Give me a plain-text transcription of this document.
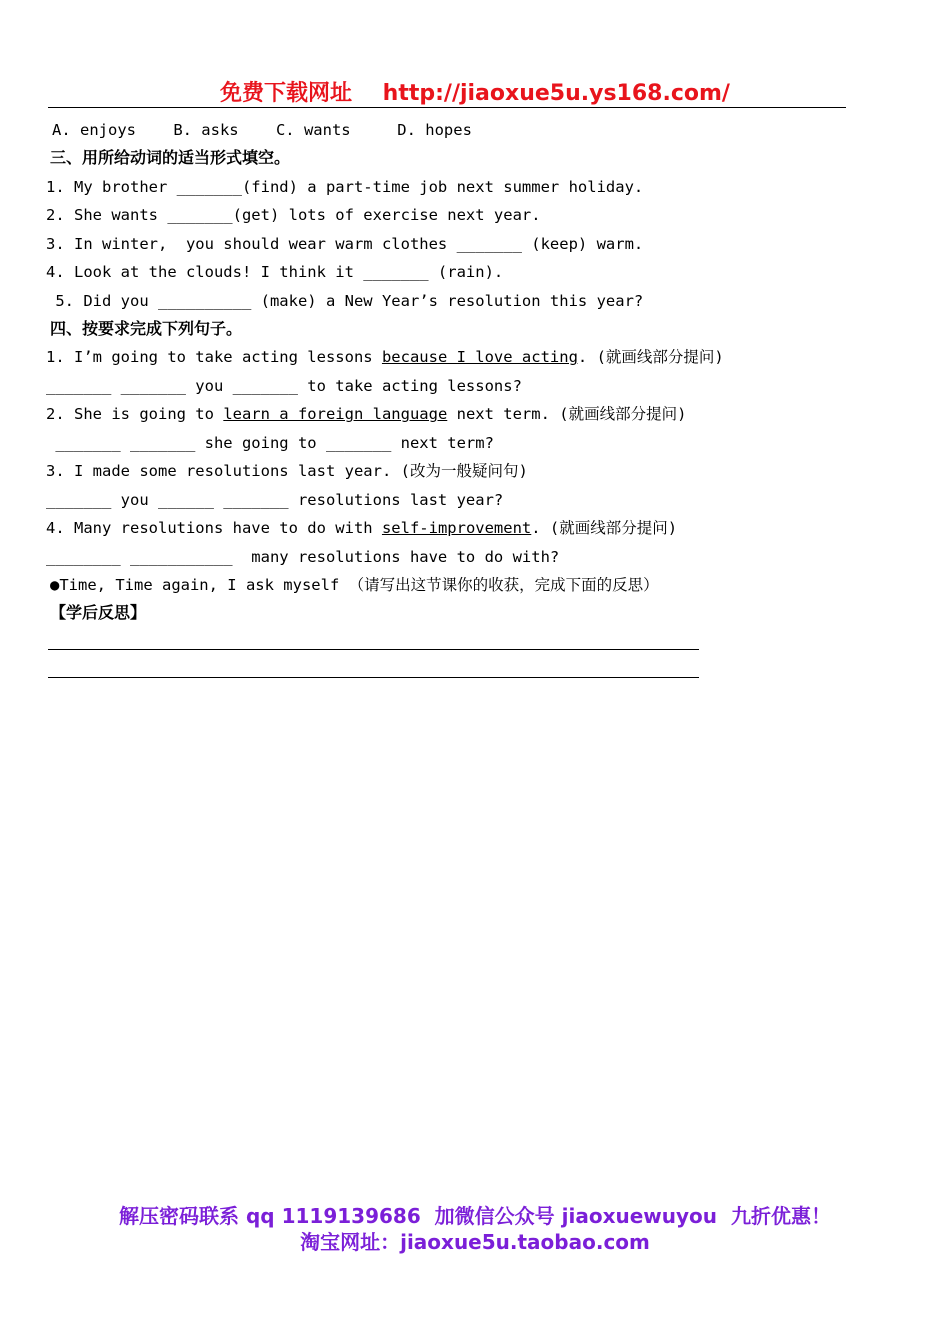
免费下载网址    http://jiaoxue5u.ys168.com/
A. enjoys    B. asks    C. wants     D. hopes
三、用所给动词的适当形式填空。
1. My brother _______(find) a part-time job next summer holiday.
2. She wants _______(get) lots of exercise next year.
3. In winter,  you should wear warm clothes _______ (keep) warm.
4. Look at the clouds! I think it _______ (rain).
5. Did you __________ (make) a New Year’s resolution this year?
四、按要求完成下列句子。
1. I’m going to take acting lessons because I love acting. (就画线部分提问)
_______ _______ you _______ to take acting lessons?
2. She is going to learn a foreign language next term. (就画线部分提问)
_______ _______ she going to _______ next term?
3. I made some resolutions last year. (改为一般疑问句)
_______ you ______ _______ resolutions last year?
4. Many resolutions have to do with self-improvement. (就画线部分提问)
________ ___________  many resolutions have to do with?
●Time, Time again, I ask myself （请写出这节课你的收获，完成下面的反思）
【学后反思】
解压密码联系 qq 1119139686  加微信公众号 jiaoxuewuyou  九折优惠！
淘宝网址：jiaoxue5u.taobao.com
